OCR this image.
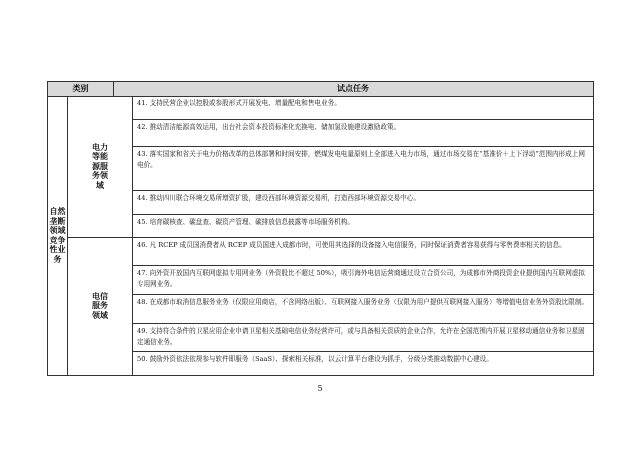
类别	试点任务
自然
垄断
领域
竞争
性业
务
电力
等能
源服
务领
域
电信
服务
领域
41. 支持民营企业以控股或参股形式开展发电、增量配电和售电业务。
42. 推动清洁能源高效运用，出台社会资本投资标准化充换电、储加氢设施建设激励政策。
43. 落实国家和省关于电力价格改革的总体部署和时间安排，燃煤发电电量原则上全部进入电力市场，通过市场交易在“基准价＋上下浮动”范围内形成上网电价。
44. 推动四川联合环境交易所增资扩股，建设西部环境资源交易所，打造西部环境资源交易中心。
45. 培育碳核查、碳盘查、碳资产管理、碳排放信息披露等市场服务机构。
46. 凡 RCEP 成员国消费者从 RCEP 成员国进入成都市时，可使用其选择的设备接入电信服务，同时保证消费者容易获得与零售费率相关的信息。
47. 向外资开放国内互联网虚拟专用网业务（外资股比不超过 50%），吸引海外电信运营商通过设立合资公司，为成都市外商投资企业提供国内互联网虚拟专用网业务。
48. 在成都市取消信息服务业务（仅限应用商店，不含网络出版）、互联网接入服务业务（仅限为用户提供互联网接入服务）等增值电信业务外资股比限制。
49. 支持符合条件的卫星应用企业申请卫星相关基础电信业务经营许可，或与具备相关资质的企业合作，允许在全国范围内开展卫星移动通信业务和卫星固定通信业务。
50. 鼓励外资依法依规参与软件即服务（SaaS）、探索相关标准，以云计算平台建设为抓手，分级分类推动数据中心建设。
5
